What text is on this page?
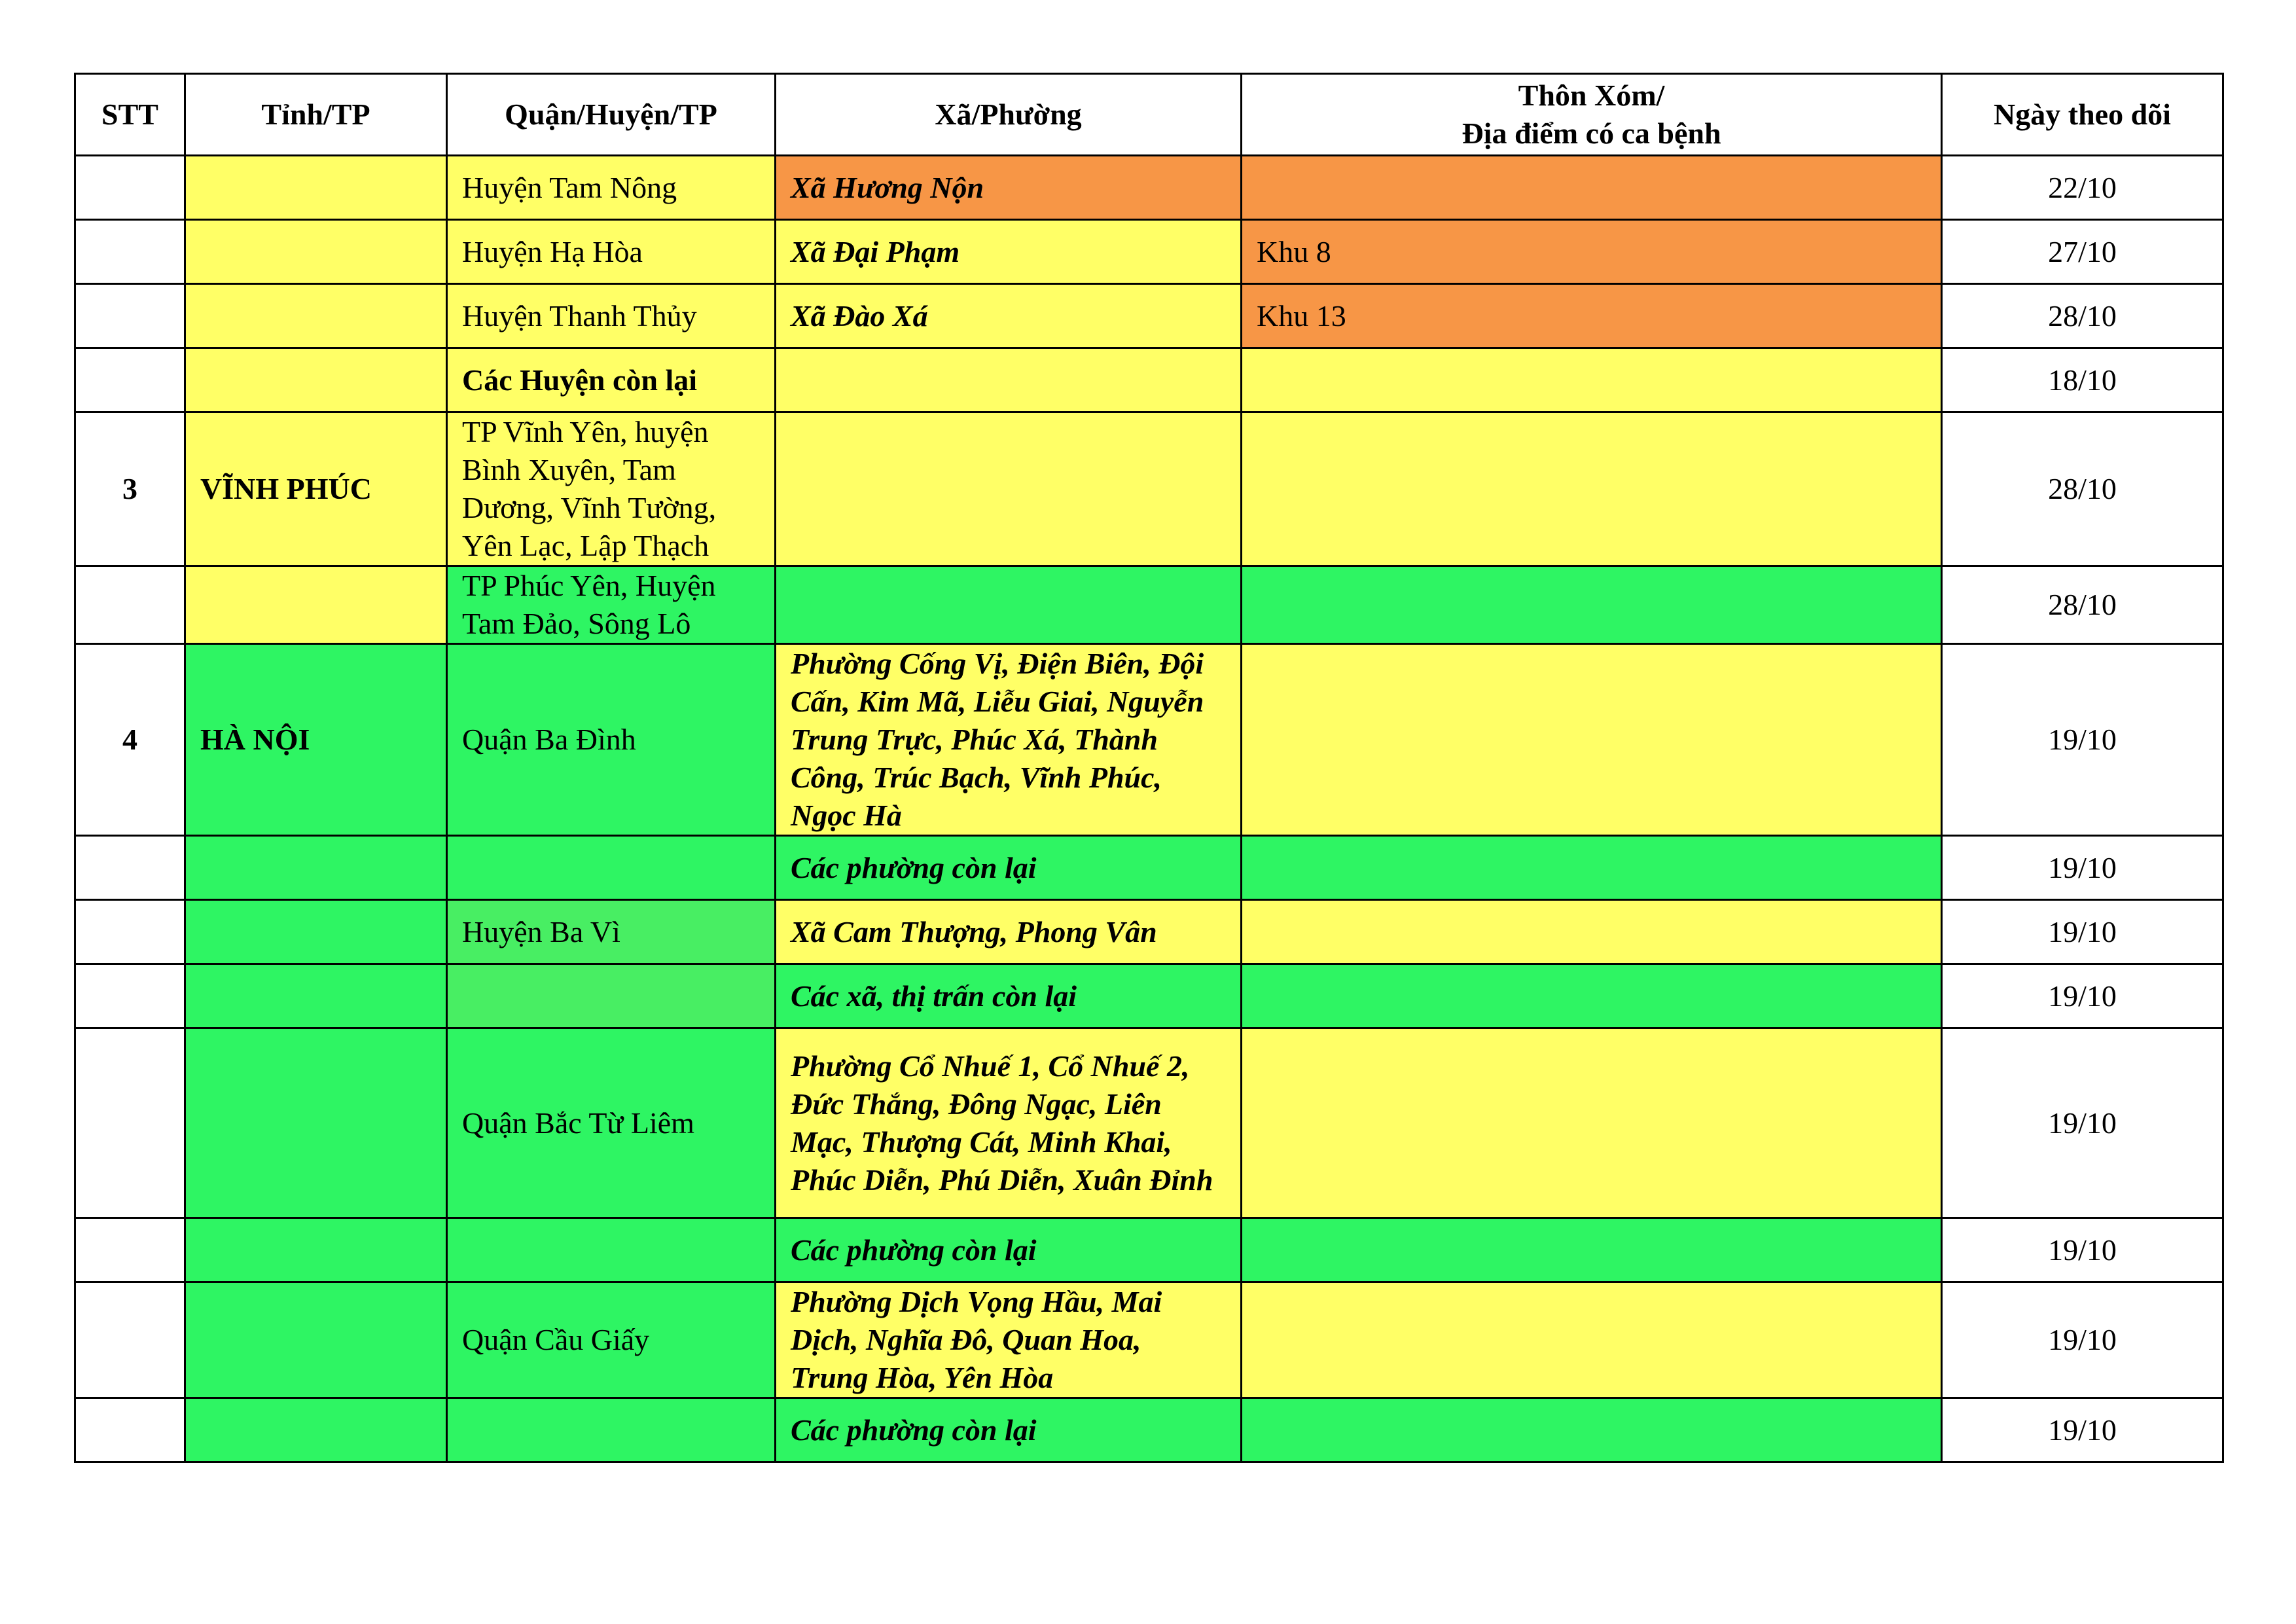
STT	Tỉnh/TP	Quận/Huyện/TP	Xã/Phường	Thôn Xóm/
Địa điểm có ca bệnh	Ngày theo dõi
		Huyện Tam Nông	Xã Hương Nộn		22/10
		Huyện Hạ Hòa	Xã Đại Phạm	Khu 8	27/10
		Huyện Thanh Thủy	Xã Đào Xá	Khu 13	28/10
		Các Huyện còn lại			18/10
3	VĨNH PHÚC	TP Vĩnh Yên, huyện Bình Xuyên, Tam Dương, Vĩnh Tường, Yên Lạc, Lập Thạch			28/10
		TP Phúc Yên, Huyện Tam Đảo, Sông Lô			28/10
4	HÀ NỘI	Quận Ba Đình	Phường Cống Vị, Điện Biên, Đội Cấn, Kim Mã, Liễu Giai, Nguyễn Trung Trực, Phúc Xá, Thành Công, Trúc Bạch, Vĩnh Phúc, Ngọc Hà		19/10
			Các phường còn lại		19/10
		Huyện Ba Vì	Xã Cam Thượng, Phong Vân		19/10
			Các xã, thị trấn còn lại		19/10
		Quận Bắc Từ Liêm	Phường Cổ Nhuế 1, Cổ Nhuế 2, Đức Thắng, Đông Ngạc, Liên Mạc, Thượng Cát, Minh Khai, Phúc Diễn, Phú Diễn, Xuân Đỉnh		19/10
			Các phường còn lại		19/10
		Quận Cầu Giấy	Phường Dịch Vọng Hầu, Mai Dịch, Nghĩa Đô, Quan Hoa, Trung Hòa, Yên Hòa		19/10
			Các phường còn lại		19/10
